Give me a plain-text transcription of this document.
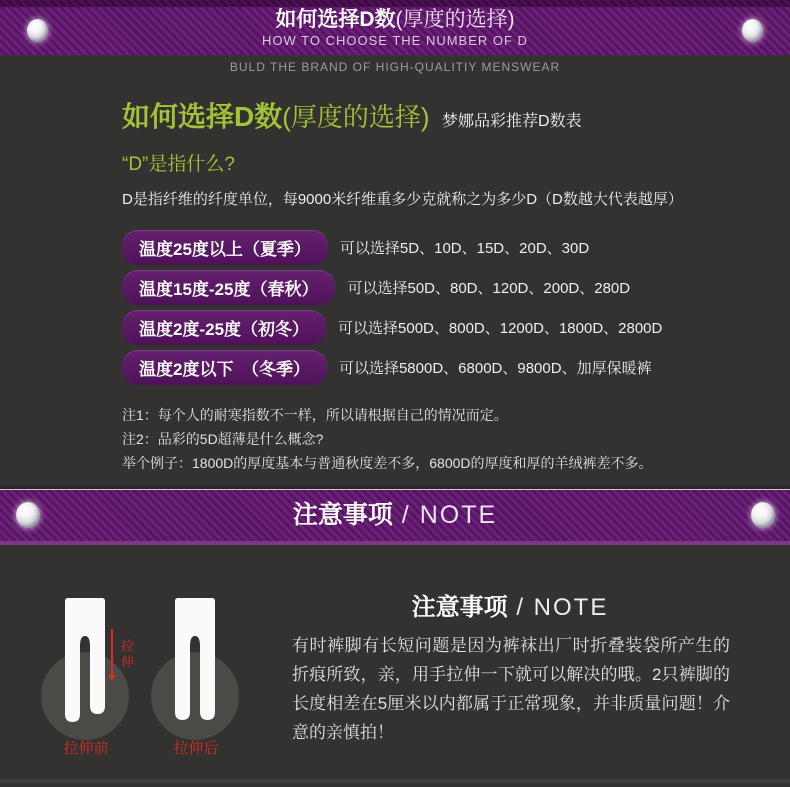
如何选择D数(厚度的选择)
HOW TO CHOOSE THE NUMBER OF D
BULD THE BRAND OF HIGH-QUALITIY MENSWEAR
如何选择D数(厚度的选择) 梦娜品彩推荐D数表
“D”是指什么?
D是指纤维的纤度单位，每9000米纤维重多少克就称之为多少D（D数越大代表越厚）
温度25度以上（夏季）	可以选择5D、10D、15D、20D、30D
温度15度-25度（春秋）	可以选择50D、80D、120D、200D、280D
温度2度-25度（初冬）	可以选择500D、800D、1200D、1800D、2800D
温度2度以下　（冬季）	可以选择5800D、6800D、9800D、加厚保暖裤
注1：每个人的耐寒指数不一样，所以请根据自己的情况而定。
注2：品彩的5D超薄是什么概念?
举个例子：1800D的厚度基本与普通秋度差不多，6800D的厚度和厚的羊绒裤差不多。
注意事项 / NOTE
拉伸
拉伸前	拉伸后
注意事项 / NOTE
有时裤脚有长短问题是因为裤袜出厂时折叠装袋所产生的折痕所致，亲，用手拉伸一下就可以解决的哦。2只裤脚的长度相差在5厘米以内都属于正常现象，并非质量问题！介意的亲慎拍！
